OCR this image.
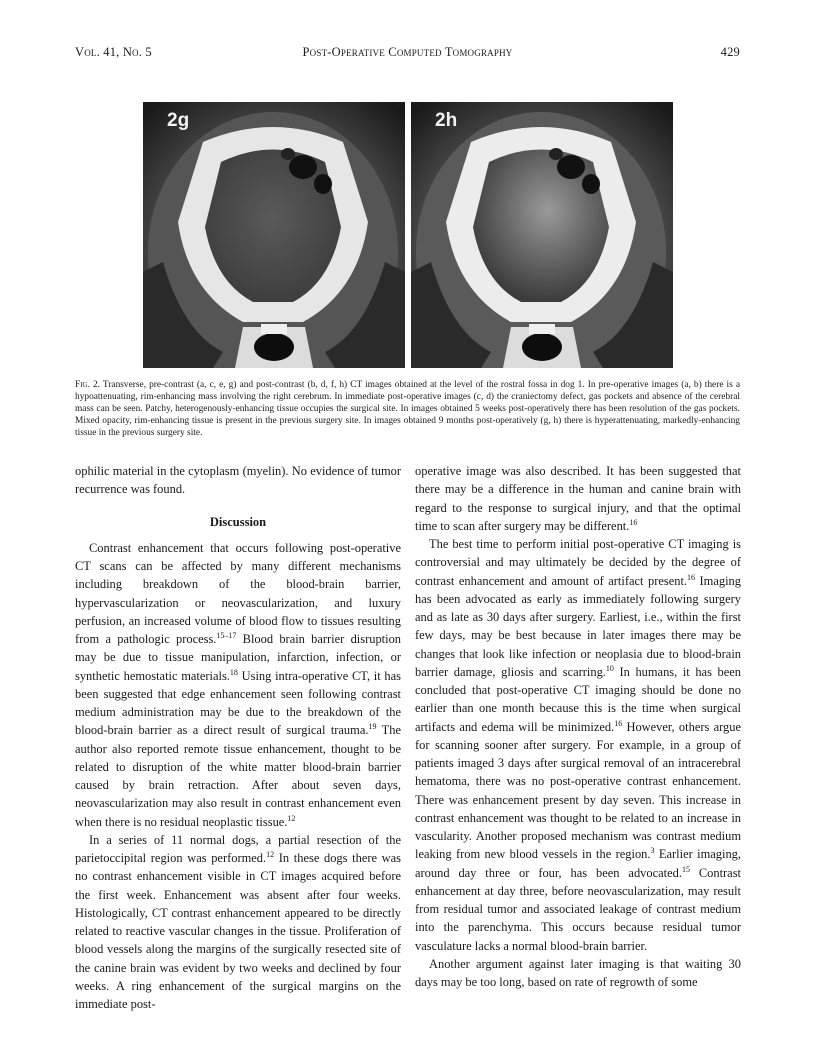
Vol. 41, No. 5	Post-Operative Computed Tomography	429
2g	2h
Fig. 2. Transverse, pre-contrast (a, c, e, g) and post-contrast (b, d, f, h) CT images obtained at the level of the rostral fossa in dog 1. In pre-operative images (a, b) there is a hypoattenuating, rim-enhancing mass involving the right cerebrum. In immediate post-operative images (c, d) the craniectomy defect, gas pockets and absence of the cerebral mass can be seen. Patchy, heterogenously-enhancing tissue occupies the surgical site. In images obtained 5 weeks post-operatively there has been resolution of the gas pockets. Mixed opacity, rim-enhancing tissue is present in the previous surgery site. In images obtained 9 months post-operatively (g, h) there is hyperattenuating, markedly-enhancing tissue in the previous surgery site.

ophilic material in the cytoplasm (myelin). No evidence of tumor recurrence was found.

Discussion

Contrast enhancement that occurs following post-operative CT scans can be affected by many different mechanisms including breakdown of the blood-brain barrier, hypervascularization or neovascularization, and luxury perfusion, an increased volume of blood flow to tissues resulting from a pathologic process.$^{15-17}$ Blood brain barrier disruption may be due to tissue manipulation, infarction, infection, or synthetic hemostatic materials.$^{18}$ Using intra-operative CT, it has been suggested that edge enhancement seen following contrast medium administration may be due to the breakdown of the blood-brain barrier as a direct result of surgical trauma.$^{19}$ The author also reported remote tissue enhancement, thought to be related to disruption of the white matter blood-brain barrier caused by brain retraction. After about seven days, neovascularization may also result in contrast enhancement even when there is no residual neoplastic tissue.$^{12}$

In a series of 11 normal dogs, a partial resection of the parietoccipital region was performed.$^{12}$ In these dogs there was no contrast enhancement visible in CT images acquired before the first week. Enhancement was absent after four weeks. Histologically, CT contrast enhancement appeared to be directly related to reactive vascular changes in the tissue. Proliferation of blood vessels along the margins of the surgically resected site of the canine brain was evident by two weeks and declined by four weeks. A ring enhancement of the surgical margins on the immediate post-

operative image was also described. It has been suggested that there may be a difference in the human and canine brain with regard to the response to surgical injury, and that the optimal time to scan after surgery may be different.$^{16}$

The best time to perform initial post-operative CT imaging is controversial and may ultimately be decided by the degree of contrast enhancement and amount of artifact present.$^{16}$ Imaging has been advocated as early as immediately following surgery and as late as 30 days after surgery. Earliest, i.e., within the first few days, may be best because in later images there may be changes that look like infection or neoplasia due to blood-brain barrier damage, gliosis and scarring.$^{10}$ In humans, it has been concluded that post-operative CT imaging should be done no earlier than one month because this is the time when surgical artifacts and edema will be minimized.$^{16}$ However, others argue for scanning sooner after surgery. For example, in a group of patients imaged 3 days after surgical removal of an intracerebral hematoma, there was no post-operative contrast enhancement. There was enhancement present by day seven. This increase in contrast enhancement was thought to be related to an increase in vascularity. Another proposed mechanism was contrast medium leaking from new blood vessels in the region.$^3$ Earlier imaging, around day three or four, has been advocated.$^{15}$ Contrast enhancement at day three, before neovascularization, may result from residual tumor and associated leakage of contrast medium into the parenchyma. This occurs because residual tumor vasculature lacks a normal blood-brain barrier.

Another argument against later imaging is that waiting 30 days may be too long, based on rate of regrowth of some
